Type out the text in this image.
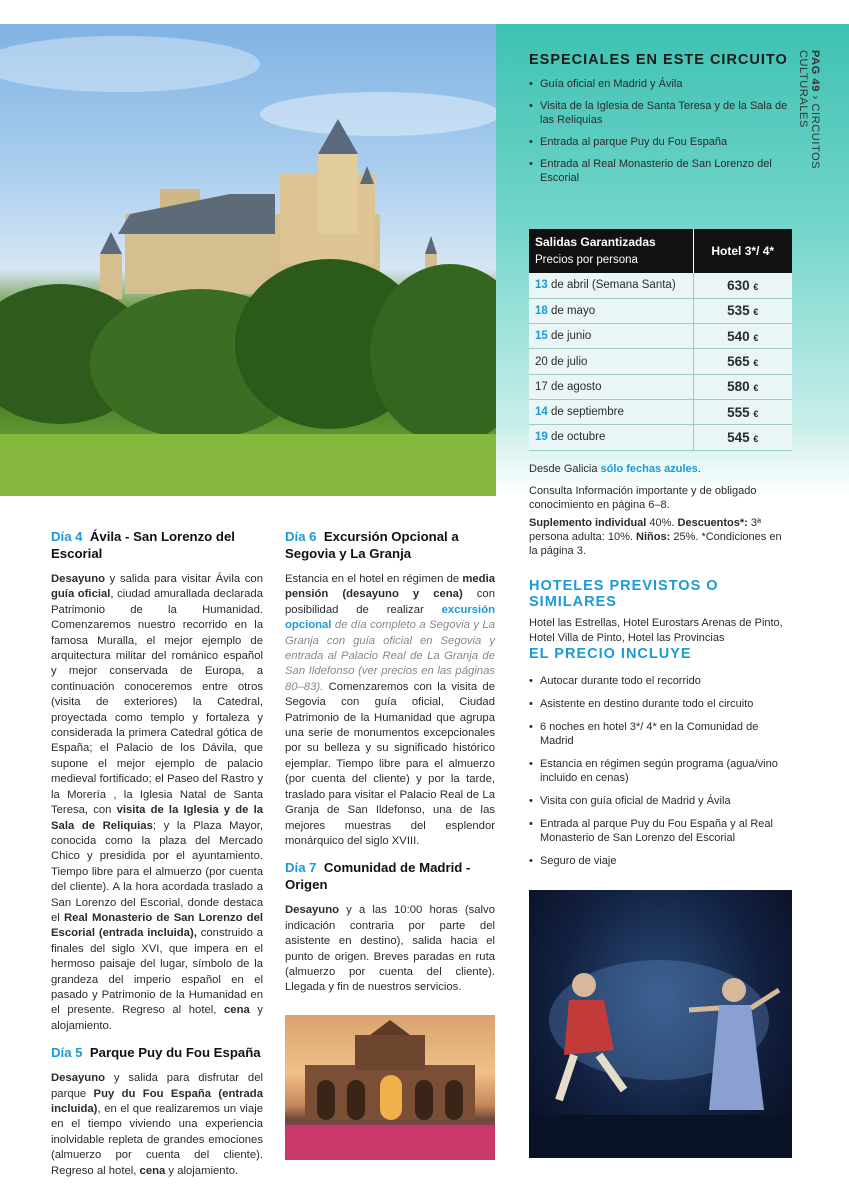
PAG 49 › CIRCUITOS CULTURALES
ESPECIALES EN ESTE CIRCUITO
• Guía oficial en Madrid y Ávila
• Visita de la Iglesia de Santa Teresa y de la Sala de las Reliquias
• Entrada al parque Puy du Fou España
• Entrada al Real Monasterio de San Lorenzo del Escorial
Salidas Garantizadas
Precios por persona	Hotel 3*/ 4*
13 de abril (Semana Santa)	630 €
18 de mayo	535 €
15 de junio	540 €
20 de julio	565 €
17 de agosto	580 €
14 de septiembre	555 €
19 de octubre	545 €

Desde Galicia sólo fechas azules.

Consulta Información importante y de obligado conocimiento en página 6–8.

Suplemento individual 40%. Descuentos*: 3ª persona adulta: 10%. Niños: 25%. *Condiciones en la página 3.

HOTELES PREVISTOS O SIMILARES

Hotel las Estrellas, Hotel Eurostars Arenas de Pinto, Hotel Villa de Pinto, Hotel las Provincias

EL PRECIO INCLUYE
• Autocar durante todo el recorrido
• Asistente en destino durante todo el circuito
• 6 noches en hotel 3*/ 4* en la Comunidad de Madrid
• Estancia en régimen según programa (agua/vino incluido en cenas)
• Visita con guía oficial de Madrid y Ávila
• Entrada al parque Puy du Fou España y al Real Monasterio de San Lorenzo del Escorial
• Seguro de viaje
Día 4 Ávila - San Lorenzo del Escorial

Desayuno y salida para visitar Ávila con guía oficial, ciudad amurallada declarada Patrimonio de la Humanidad. Comenzaremos nuestro recorrido en la famosa Muralla, el mejor ejemplo de arquitectura militar del románico español y mejor conservada de Europa, a continuación conoceremos entre otros (visita de exteriores) la Catedral, proyectada como templo y fortaleza y considerada la primera Catedral gótica de España; el Palacio de los Dávila, que supone el mejor ejemplo de palacio medieval fortificado; el Paseo del Rastro y la Morería , la Iglesia Natal de Santa Teresa, con visita de la Iglesia y de la Sala de Reliquias; y la Plaza Mayor, conocida como la plaza del Mercado Chico y presidida por el ayuntamiento. Tiempo libre para el almuerzo (por cuenta del cliente). A la hora acordada traslado a San Lorenzo del Escorial, donde destaca el Real Monasterio de San Lorenzo del Escorial (entrada incluida), construido a finales del siglo XVI, que impera en el hermoso paisaje del lugar, símbolo de la grandeza del imperio español en el pasado y Patrimonio de la Humanidad en el presente. Regreso al hotel, cena y alojamiento.

Día 5 Parque Puy du Fou España

Desayuno y salida para disfrutar del parque Puy du Fou España (entrada incluida), en el que realizaremos un viaje en el tiempo viviendo una experiencia inolvidable repleta de grandes emociones (almuerzo por cuenta del cliente). Regreso al hotel, cena y alojamiento.

Día 6 Excursión Opcional a Segovia y La Granja

Estancia en el hotel en régimen de media pensión (desayuno y cena) con posibilidad de realizar excursión opcional de día completo a Segovia y La Granja con guía oficial en Segovia y entrada al Palacio Real de La Granja de San Ildefonso (ver precios en las páginas 80–83). Comenzaremos con la visita de Segovia con guía oficial, Ciudad Patrimonio de la Humanidad que agrupa una serie de monumentos excepcionales por su belleza y su significado histórico ejemplar. Tiempo libre para el almuerzo (por cuenta del cliente) y por la tarde, traslado para visitar el Palacio Real de La Granja de San Ildefonso, una de las mejores muestras del esplendor monárquico del siglo XVIII.

Día 7 Comunidad de Madrid - Origen

Desayuno y a las 10:00 horas (salvo indicación contraria por parte del asistente en destino), salida hacia el punto de origen. Breves paradas en ruta (almuerzo por cuenta del cliente). Llegada y fin de nuestros servicios.
